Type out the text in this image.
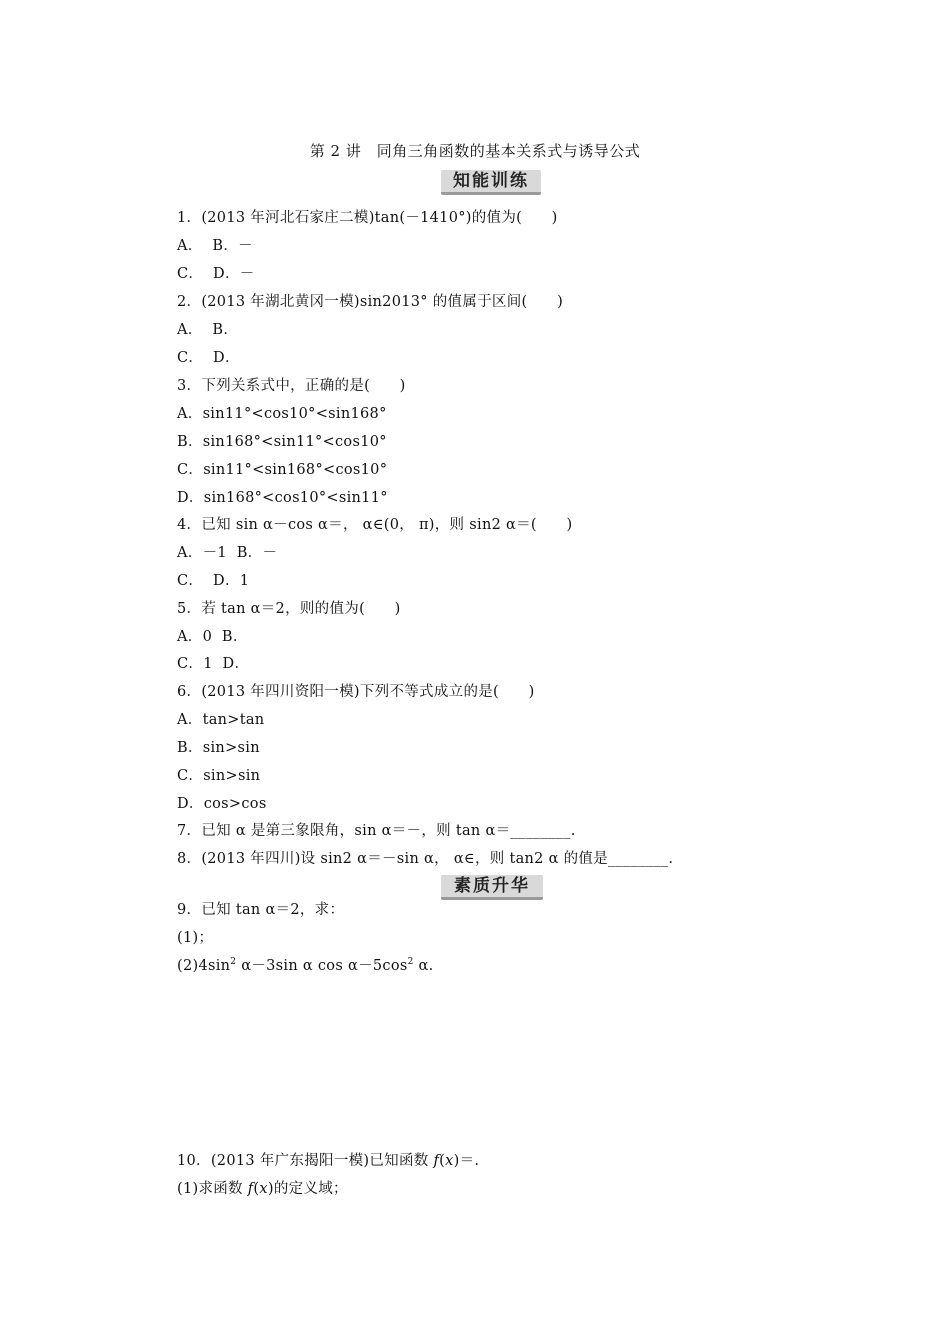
第 2 讲　同角三角函数的基本关系式与诱导公式
知能训练
1．(2013 年河北石家庄二模)tan(－1410°)的值为(　　)
A．  B．－
C．  D．－
2．(2013 年湖北黄冈一模)sin2013° 的值属于区间(　　)
A．  B．
C．  D．
3．下列关系式中，正确的是(　　)
A．sin11°<cos10°<sin168°
B．sin168°<sin11°<cos10°
C．sin11°<sin168°<cos10°
D．sin168°<cos10°<sin11°
4．已知 sin α－cos α＝， α∈(0， π)，则 sin2 α＝(　　)
A．－1  B．－
C．  D．1
5．若 tan α＝2，则的值为(　　)
A．0  B．
C．1  D．
6．(2013 年四川资阳一模)下列不等式成立的是(　　)
A．tan>tan
B．sin>sin
C．sin>sin
D．cos>cos
7．已知 α 是第三象限角，sin α＝－，则 tan α＝________.
8．(2013 年四川)设 sin2 α＝－sin α， α∈，则 tan2 α 的值是________.
素质升华
9．已知 tan α＝2，求：
(1)；
$(2)4\sin^2$ α－3sin α $\cos \alpha-5\cos^2$ α.
10．(2013 年广东揭阳一模)已知函数 f(x)＝.
(1)求函数 f(x)的定义域；
